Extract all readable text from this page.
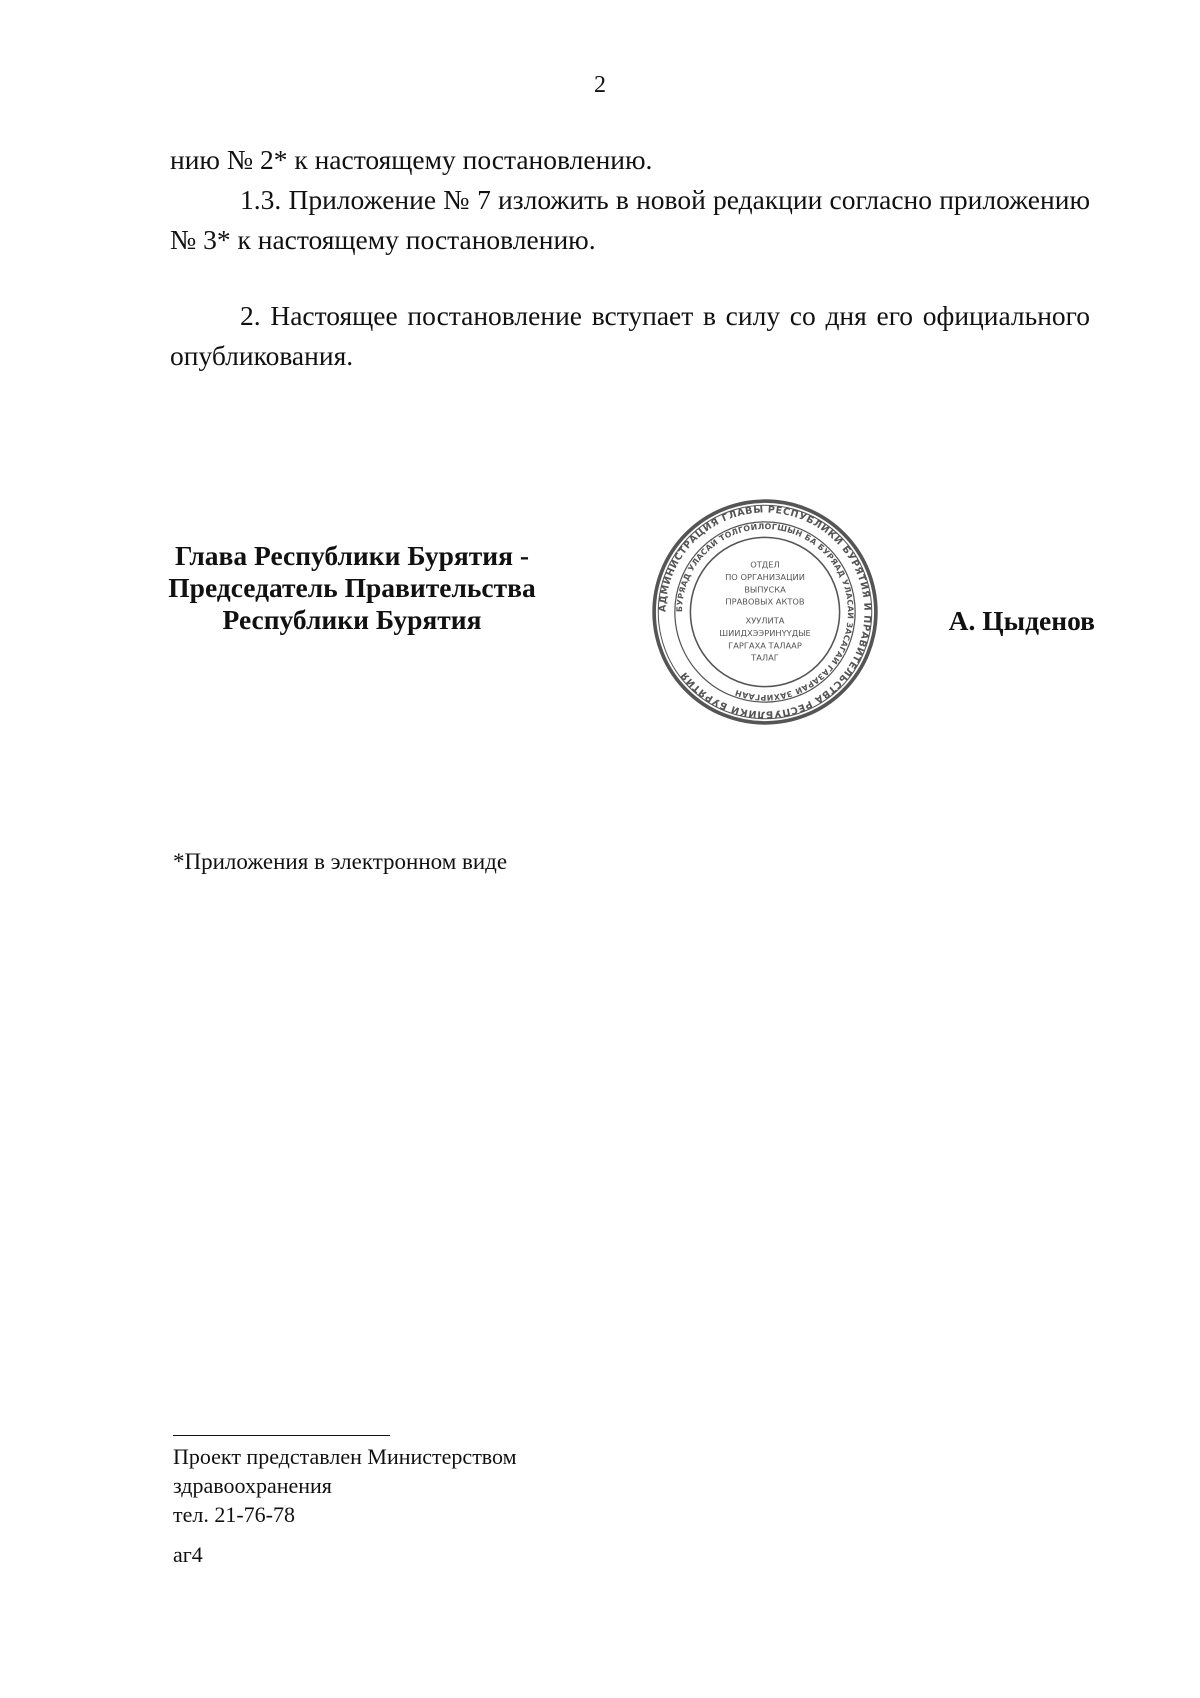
2

нию № 2* к настоящему постановлению.

1.3. Приложение № 7 изложить в новой редакции согласно приложению № 3* к настоящему постановлению.

2. Настоящее постановление вступает в силу со дня его официального опубликования.

Глава Республики Бурятия -
Председатель Правительства
Республики Бурятия	АДМИНИСТРАЦИЯ ГЛАВЫ РЕСПУБЛИКИ БУРЯТИЯ И ПРАВИТЕЛЬСТВА РЕСПУБЛИКИ БУРЯТИЯ
БУРЯАД УЛАСАЙ ТОЛГОЙЛОГШЫН БА БУРЯАД УЛАСАЙ ЗАСАГАЙ ГАЗАРАЙ ЗАХИРГААН
ОТДЕЛ
ПО ОРГАНИЗАЦИИ
ВЫПУСКА
ПРАВОВЫХ АКТОВ
ХУУЛИТА
ШИИДХЭЭРИНҮҮДЫЕ
ГАРГАХА ТАЛААР
ТАЛАГ
А. Цыденов
*Приложения в электронном виде
Проект представлен Министерством
здравоохранения
тел. 21-76-78
аг4
